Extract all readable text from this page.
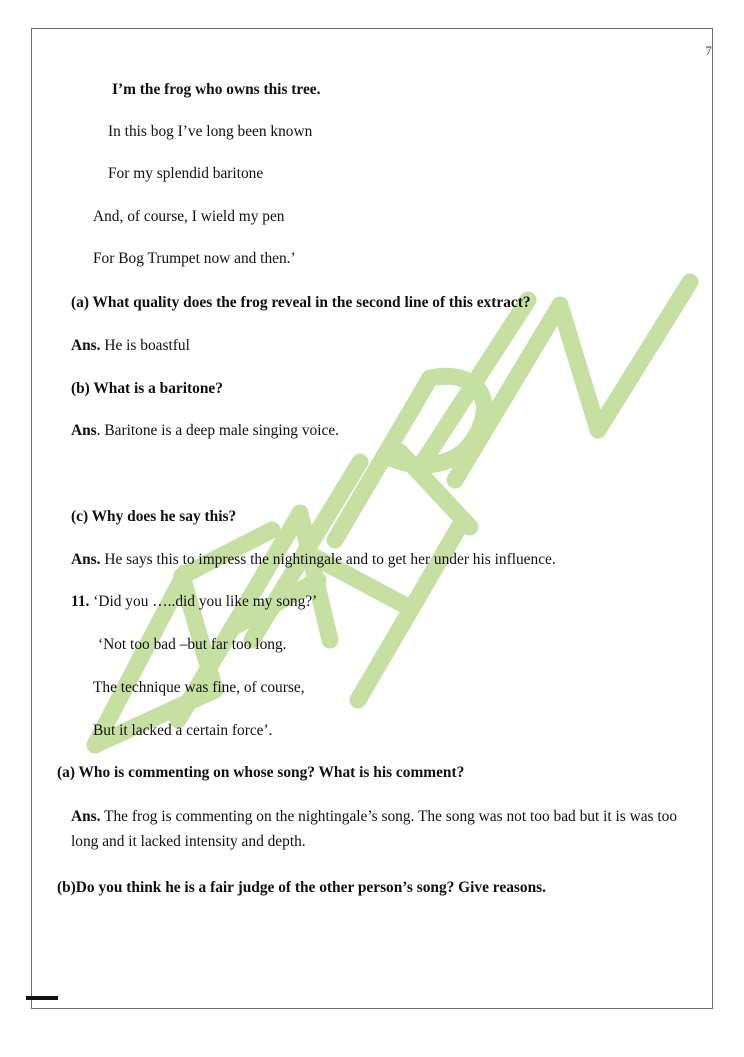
7
I’m the frog who owns this tree.
In this bog I’ve long been known
For my splendid baritone
And, of course, I wield my pen
For Bog Trumpet now and then.’
(a) What quality does the frog reveal in the second line of this extract?
Ans. He is boastful
(b) What is a baritone?
Ans. Baritone is a deep male singing voice.
(c) Why does he say this?
Ans. He says this to impress the nightingale and to get her under his influence.
11. ‘Did you …..did you like my song?’
‘Not too bad –but far too long.
The technique was fine, of course,
But it lacked a certain force’.
(a) Who is commenting on whose song? What is his comment?
Ans. The frog is commenting on the nightingale’s song. The song was not too bad but it is was too long and it lacked intensity and depth.
(b)Do you think he is a fair judge of the other person’s song? Give reasons.
